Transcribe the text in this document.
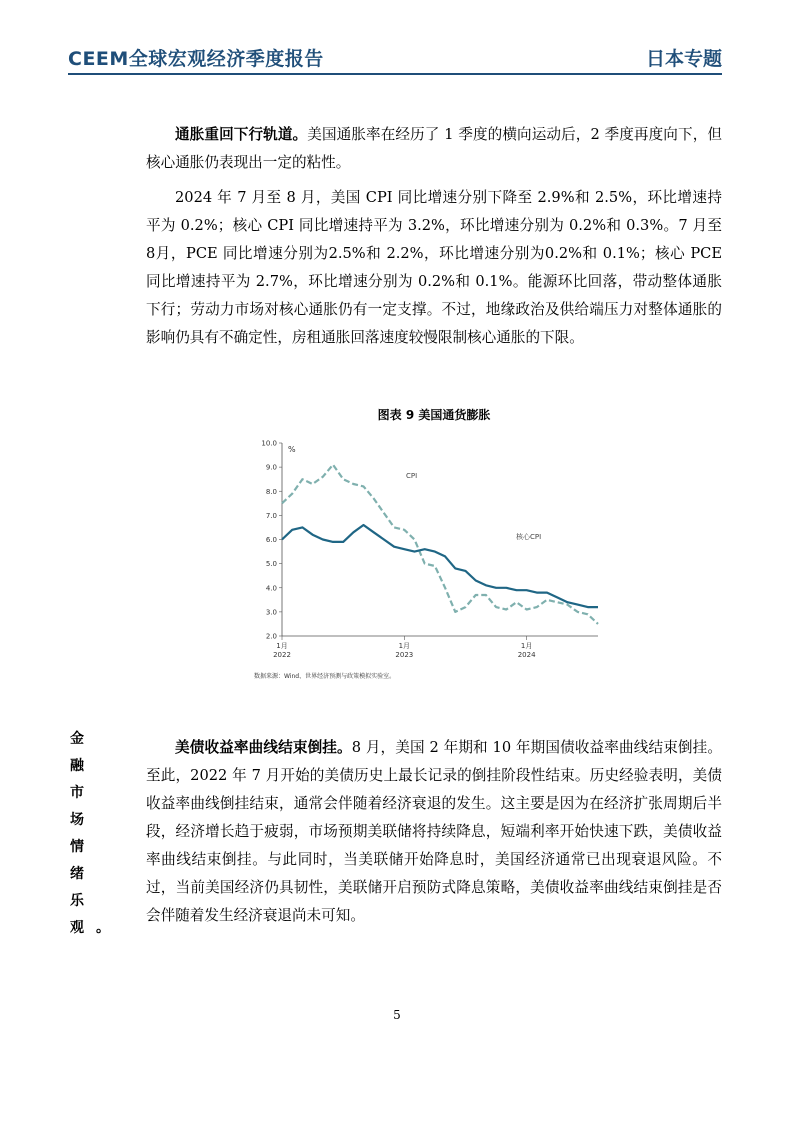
CEEM全球宏观经济季度报告	日本专题

通胀重回下行轨道。美国通胀率在经历了 1 季度的横向运动后，2 季度再度向下，但核心通胀仍表现出一定的粘性。

2024 年 7 月至 8 月，美国 CPI 同比增速分别下降至 2.9%和 2.5%，环比增速持平为 0.2%；核心 CPI 同比增速持平为 3.2%，环比增速分别为 0.2%和 0.3%。7 月至 8月，PCE 同比增速分别为2.5%和 2.2%，环比增速分别为0.2%和 0.1%；核心 PCE 同比增速持平为 2.7%，环比增速分别为 0.2%和 0.1%。能源环比回落，带动整体通胀下行；劳动力市场对核心通胀仍有一定支撑。不过，地缘政治及供给端压力对整体通胀的影响仍具有不确定性，房租通胀回落速度较慢限制核心通胀的下限。

图表 9 美国通货膨胀
10.0
9.0
8.0
7.0
6.0
5.0
4.0
3.0
2.0
1月
2022
1月
2023
1月
2024
%
CPI
核心CPI
数据来源：Wind、世界经济预测与政策模拟实验室。
金融市场情绪乐观。

美债收益率曲线结束倒挂。8 月，美国 2 年期和 10 年期国债收益率曲线结束倒挂。至此，2022 年 7 月开始的美债历史上最长记录的倒挂阶段性结束。历史经验表明，美债收益率曲线倒挂结束，通常会伴随着经济衰退的发生。这主要是因为在经济扩张周期后半段，经济增长趋于疲弱，市场预期美联储将持续降息，短端利率开始快速下跌，美债收益率曲线结束倒挂。与此同时，当美联储开始降息时，美国经济通常已出现衰退风险。不过，当前美国经济仍具韧性，美联储开启预防式降息策略，美债收益率曲线结束倒挂是否会伴随着发生经济衰退尚未可知。

5
